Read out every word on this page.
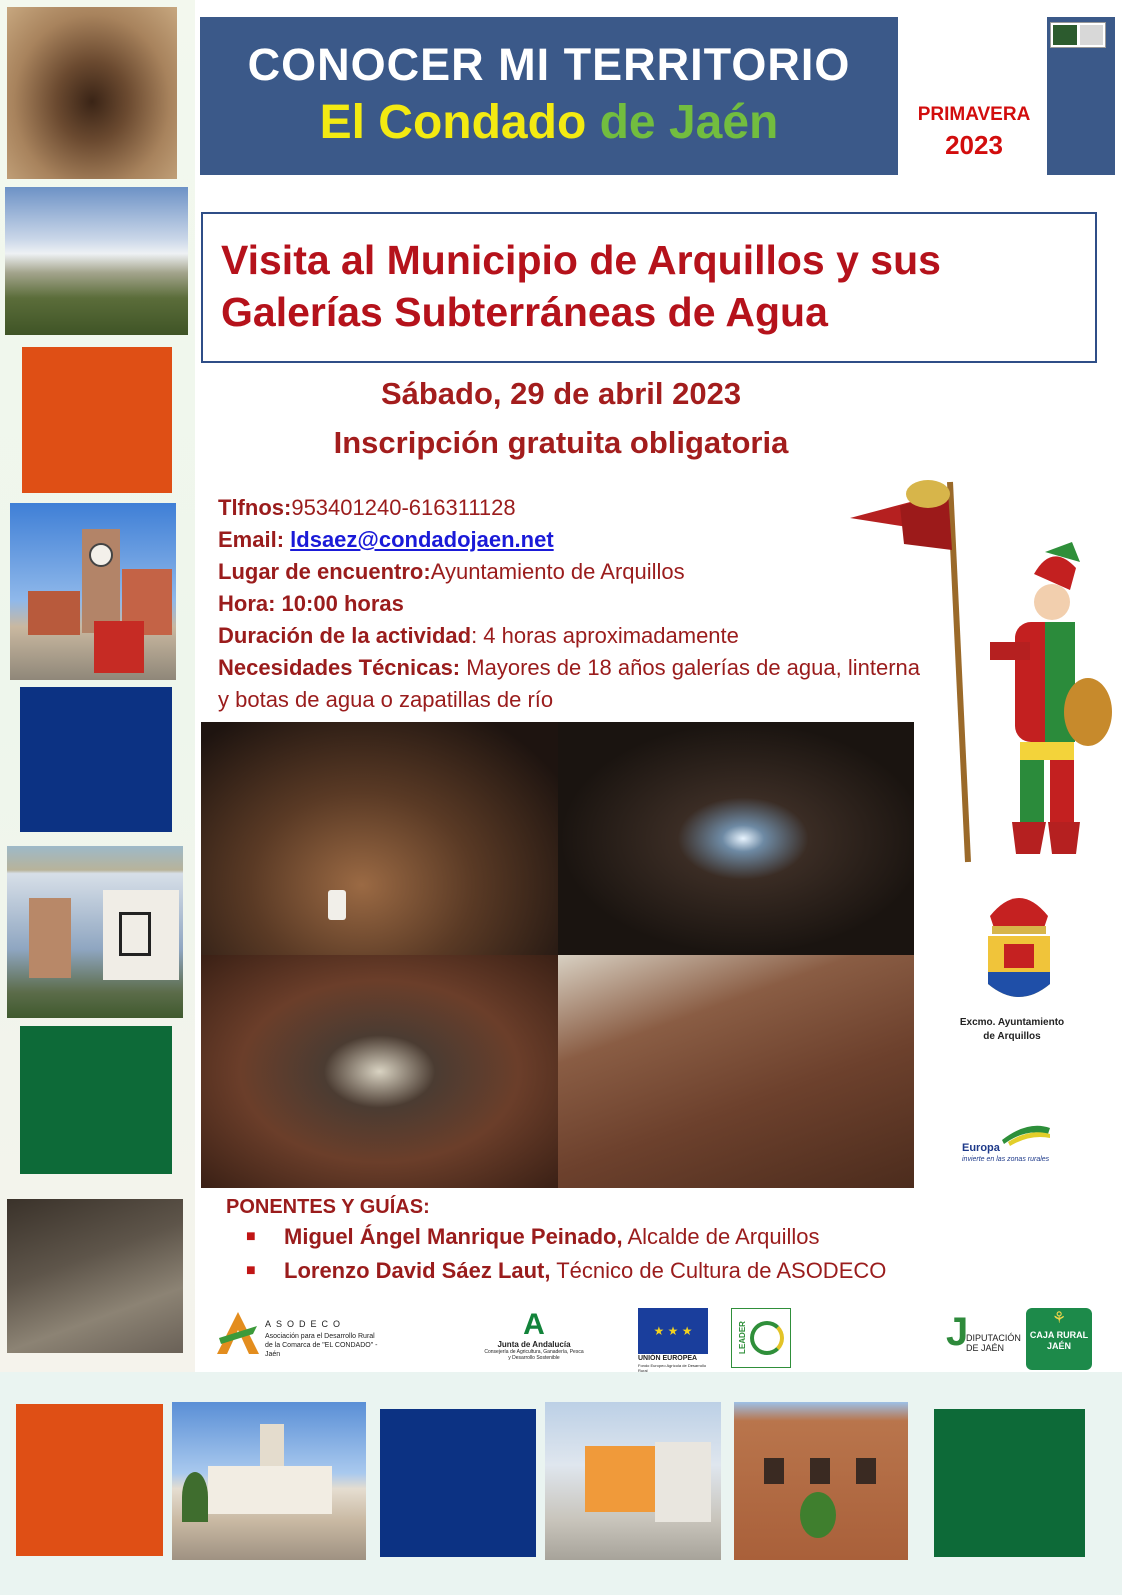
CONOCER MI TERRITORIO
El Condado de Jaén	PRIMAVERA
2023
Visita al Municipio de Arquillos y sus
Galerías Subterráneas de Agua
Sábado, 29 de abril 2023
Inscripción gratuita obligatoria
Tlfnos:953401240-616311128
Email: ldsaez@condadojaen.net
Lugar de encuentro:Ayuntamiento de Arquillos
Hora: 10:00 horas
Duración de la actividad: 4 horas aproximadamente
Necesidades Técnicas: Mayores de 18 años galerías de agua, linterna
y botas de agua o zapatillas de río
Excmo. Ayuntamiento
de Arquillos
Europa
invierte en las zonas rurales
PONENTES Y GUÍAS:
■ Miguel Ángel Manrique Peinado, Alcalde de Arquillos
■ Lorenzo David Sáez Laut, Técnico de Cultura de ASODECO
ASODECO
Asociación para el Desarrollo Rural
de la Comarca de "EL CONDADO" - Jaén
A
Junta de Andalucía
Consejería de Agricultura, Ganadería, Pesca y Desarrollo Sostenible
★ ★ ★
UNIÓN EUROPEA
Fondo Europeo Agrícola de Desarrollo Rural
LEADER	J
DIPUTACIÓN
DE JAÉN
⚘
CAJA RURAL
JAÉN
